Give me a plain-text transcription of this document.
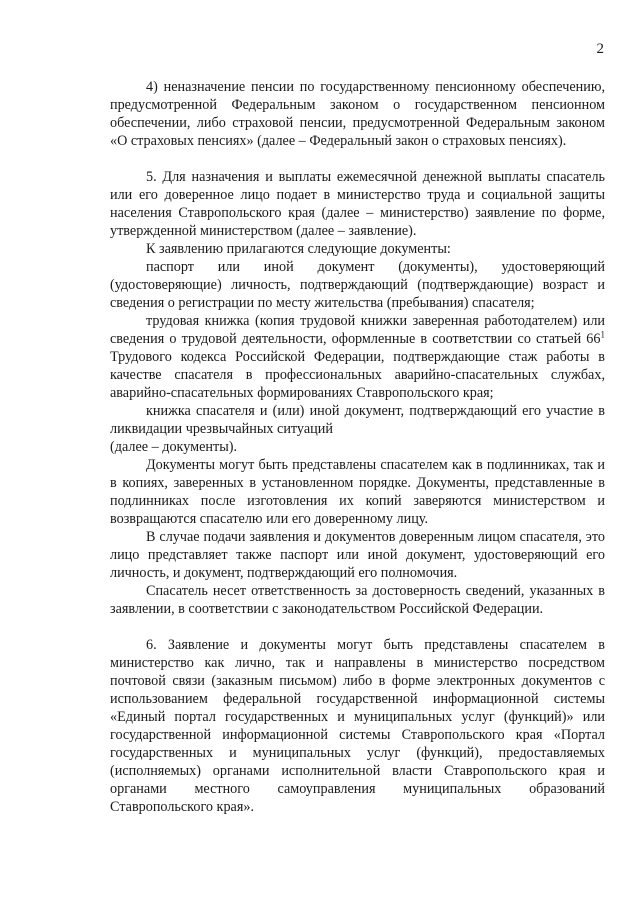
2

4) неназначение пенсии по государственному пенсионному обеспечению, предусмотренной Федеральным законом о государственном пенсионном обеспечении, либо страховой пенсии, предусмотренной Федеральным законом «О страховых пенсиях» (далее – Федеральный закон о страховых пенсиях).

5. Для назначения и выплаты ежемесячной денежной выплаты спасатель или его доверенное лицо подает в министерство труда и социальной защиты населения Ставропольского края (далее – министерство) заявление по форме, утвержденной министерством (далее – заявление).

К заявлению прилагаются следующие документы:

паспорт или иной документ (документы), удостоверяющий (удостоверяющие) личность, подтверждающий (подтверждающие) возраст и сведения о регистрации по месту жительства (пребывания) спасателя;

трудовая книжка (копия трудовой книжки заверенная работодателем) или сведения о трудовой деятельности, оформленные в соответствии со статьей $66^1$ Трудового кодекса Российской Федерации, подтверждающие стаж работы в качестве спасателя в профессиональных аварийно-спасательных службах, аварийно-спасательных формированиях Ставропольского края;

книжка спасателя и (или) иной документ, подтверждающий его участие в ликвидации чрезвычайных ситуаций

(далее – документы).

Документы могут быть представлены спасателем как в подлинниках, так и в копиях, заверенных в установленном порядке. Документы, представленные в подлинниках после изготовления их копий заверяются министерством и возвращаются спасателю или его доверенному лицу.

В случае подачи заявления и документов доверенным лицом спасателя, это лицо представляет также паспорт или иной документ, удостоверяющий его личность, и документ, подтверждающий его полномочия.

Спасатель несет ответственность за достоверность сведений, указанных в заявлении, в соответствии с законодательством Российской Федерации.

6. Заявление и документы могут быть представлены спасателем в министерство как лично, так и направлены в министерство посредством почтовой связи (заказным письмом) либо в форме электронных документов с использованием федеральной государственной информационной системы «Единый портал государственных и муниципальных услуг (функций)» или государственной информационной системы Ставропольского края «Портал государственных и муниципальных услуг (функций), предоставляемых (исполняемых) органами исполнительной власти Ставропольского края и органами местного самоуправления муниципальных образований Ставропольского края».
